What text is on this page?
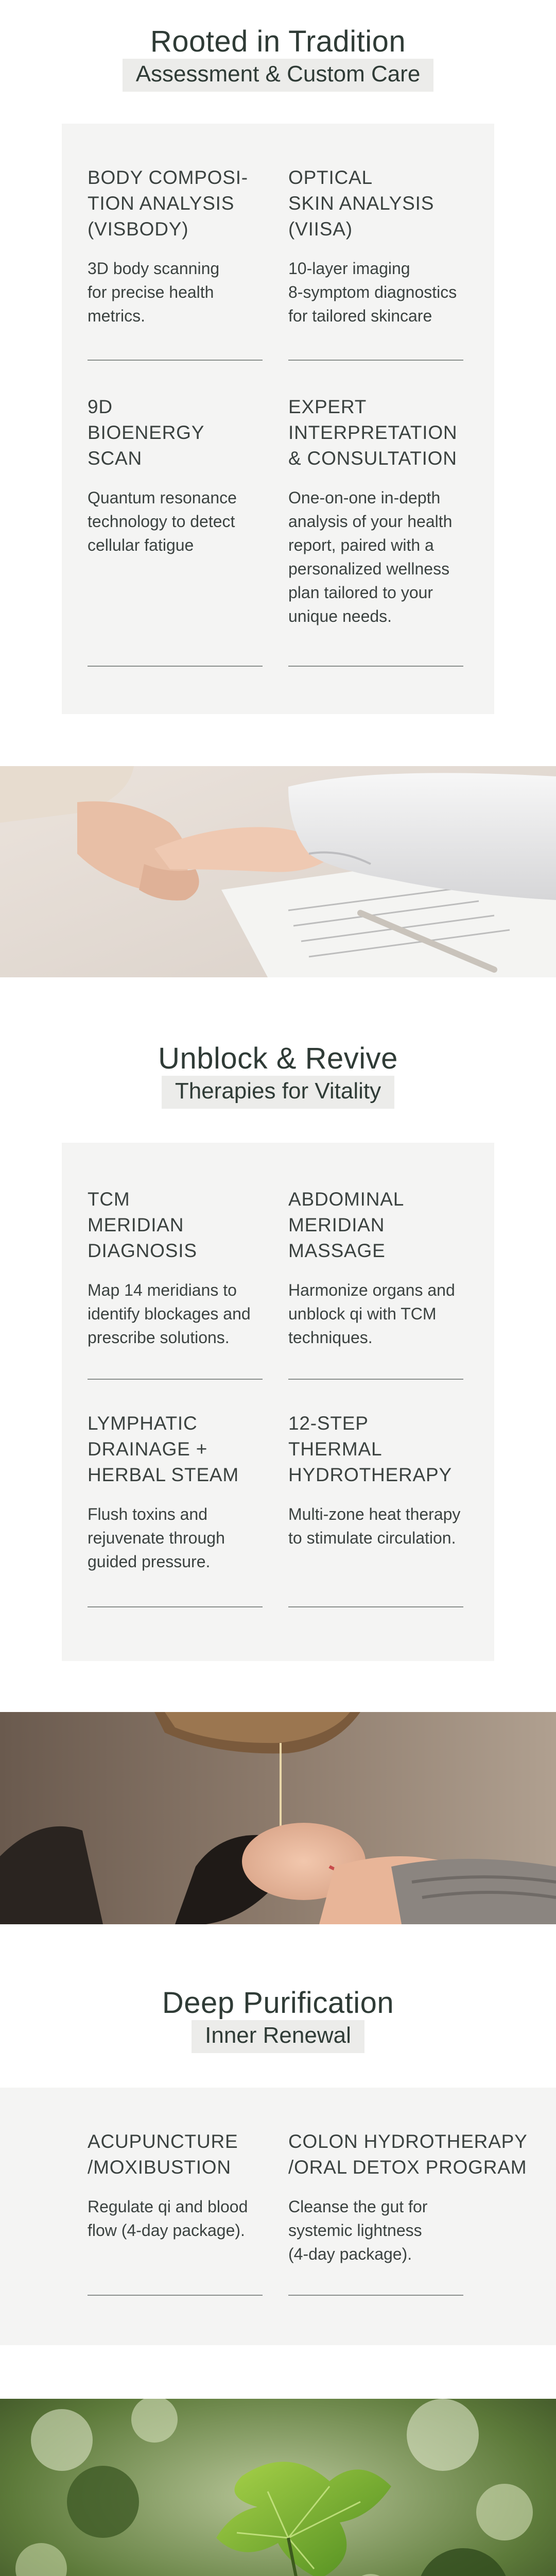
Rooted in Tradition
Assessment & Custom Care
BODY COMPOSI-
TION ANALYSIS
(VISBODY)
3D body scanning
for precise health
metrics.
OPTICAL
SKIN ANALYSIS
(VIISA)
10-layer imaging
8-symptom diagnostics
for tailored skincare
9D
BIOENERGY
SCAN
Quantum resonance
technology to detect
cellular fatigue
EXPERT
INTERPRETATION
& CONSULTATION
One-on-one in-depth
analysis of your health
report, paired with a
personalized wellness
plan tailored to your
unique needs.
Unblock & Revive
Therapies for Vitality
TCM
MERIDIAN
DIAGNOSIS
Map 14 meridians to
identify blockages and
prescribe solutions.
ABDOMINAL
MERIDIAN
MASSAGE
Harmonize organs and
unblock qi with TCM
techniques.
LYMPHATIC
DRAINAGE +
HERBAL STEAM
Flush toxins and
rejuvenate through
guided pressure.
12-STEP
THERMAL
HYDROTHERAPY
Multi-zone heat therapy
to stimulate circulation.
Deep Purification
Inner Renewal
ACUPUNCTURE
/MOXIBUSTION
Regulate qi and blood
flow (4-day package).
COLON HYDROTHERAPY
/ORAL DETOX PROGRAM
Cleanse the gut for
systemic lightness
(4-day package).
